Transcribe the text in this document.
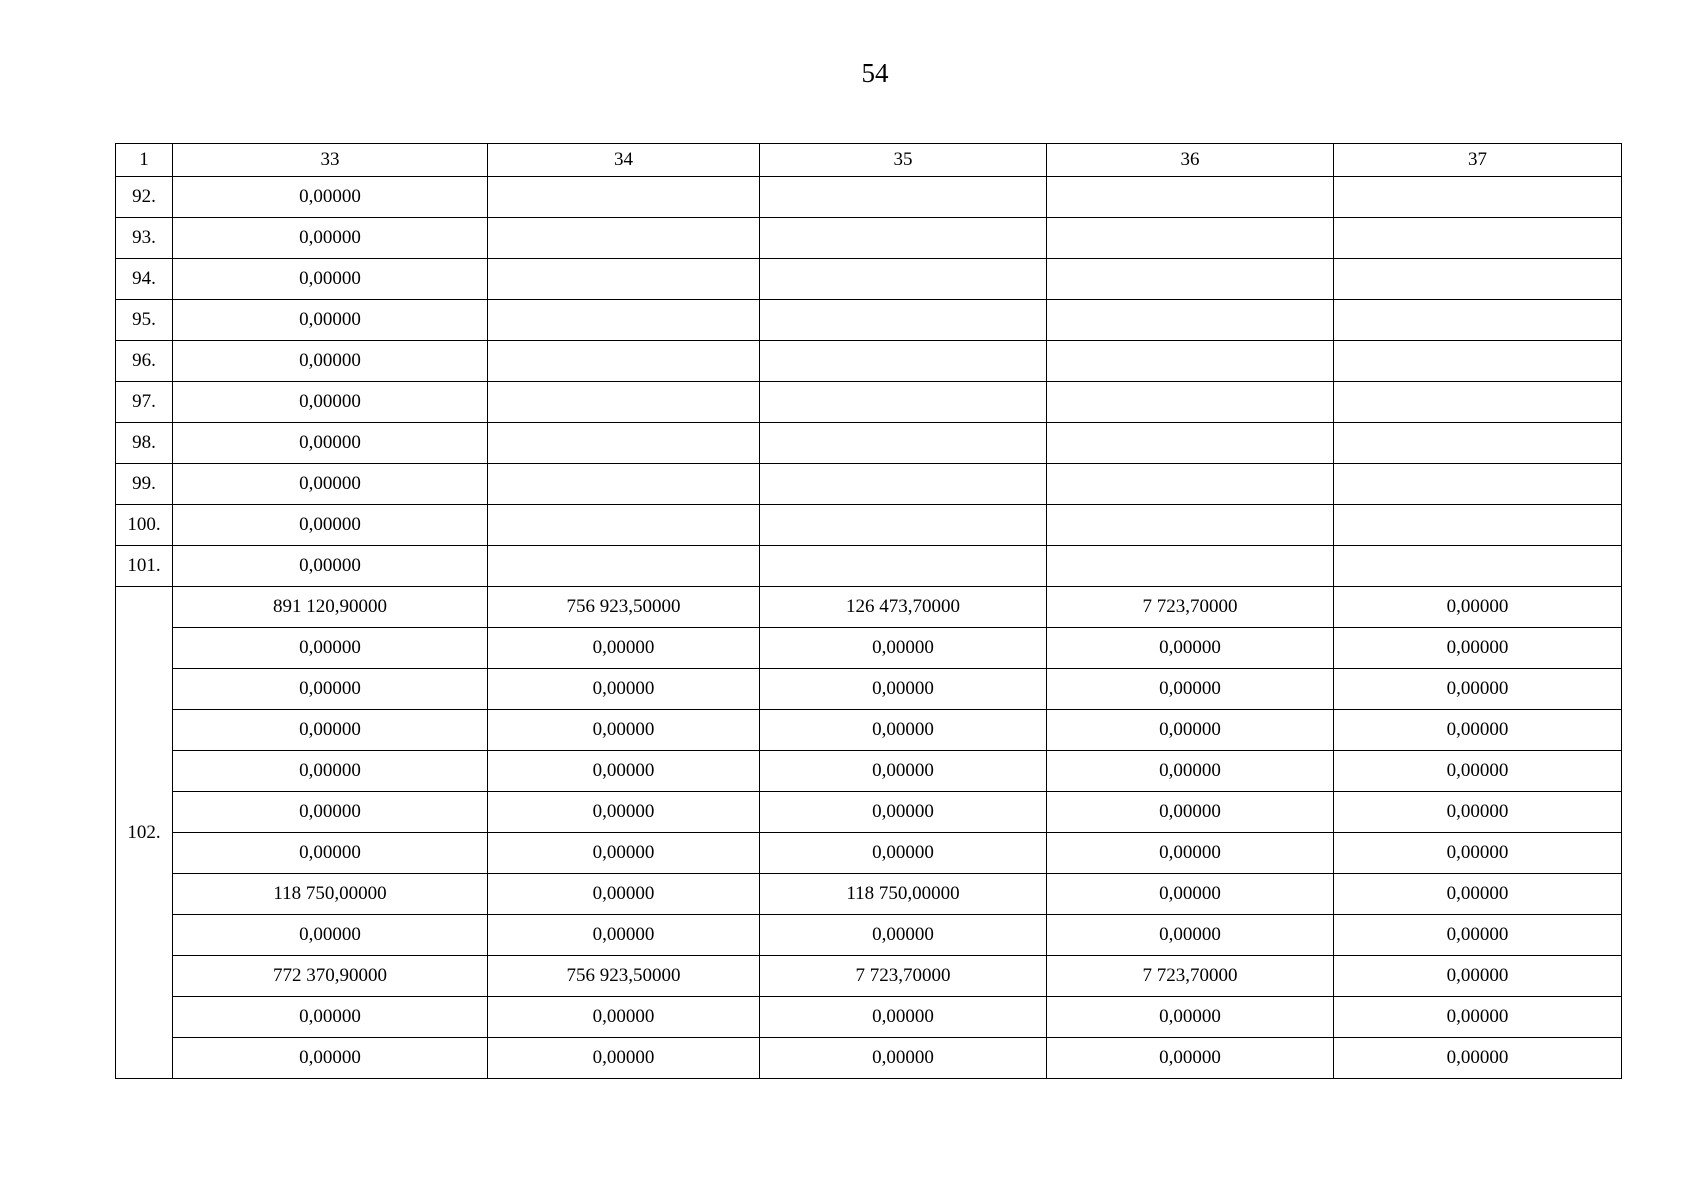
54
1	33	34	35	36	37
92.	0,00000				
93.	0,00000				
94.	0,00000				
95.	0,00000				
96.	0,00000				
97.	0,00000				
98.	0,00000				
99.	0,00000				
100.	0,00000				
101.	0,00000				
102.	891 120,90000	756 923,50000	126 473,70000	7 723,70000	0,00000
	0,00000	0,00000	0,00000	0,00000	0,00000
	0,00000	0,00000	0,00000	0,00000	0,00000
	0,00000	0,00000	0,00000	0,00000	0,00000
	0,00000	0,00000	0,00000	0,00000	0,00000
	0,00000	0,00000	0,00000	0,00000	0,00000
	0,00000	0,00000	0,00000	0,00000	0,00000
	118 750,00000	0,00000	118 750,00000	0,00000	0,00000
	0,00000	0,00000	0,00000	0,00000	0,00000
	772 370,90000	756 923,50000	7 723,70000	7 723,70000	0,00000
	0,00000	0,00000	0,00000	0,00000	0,00000
	0,00000	0,00000	0,00000	0,00000	0,00000
